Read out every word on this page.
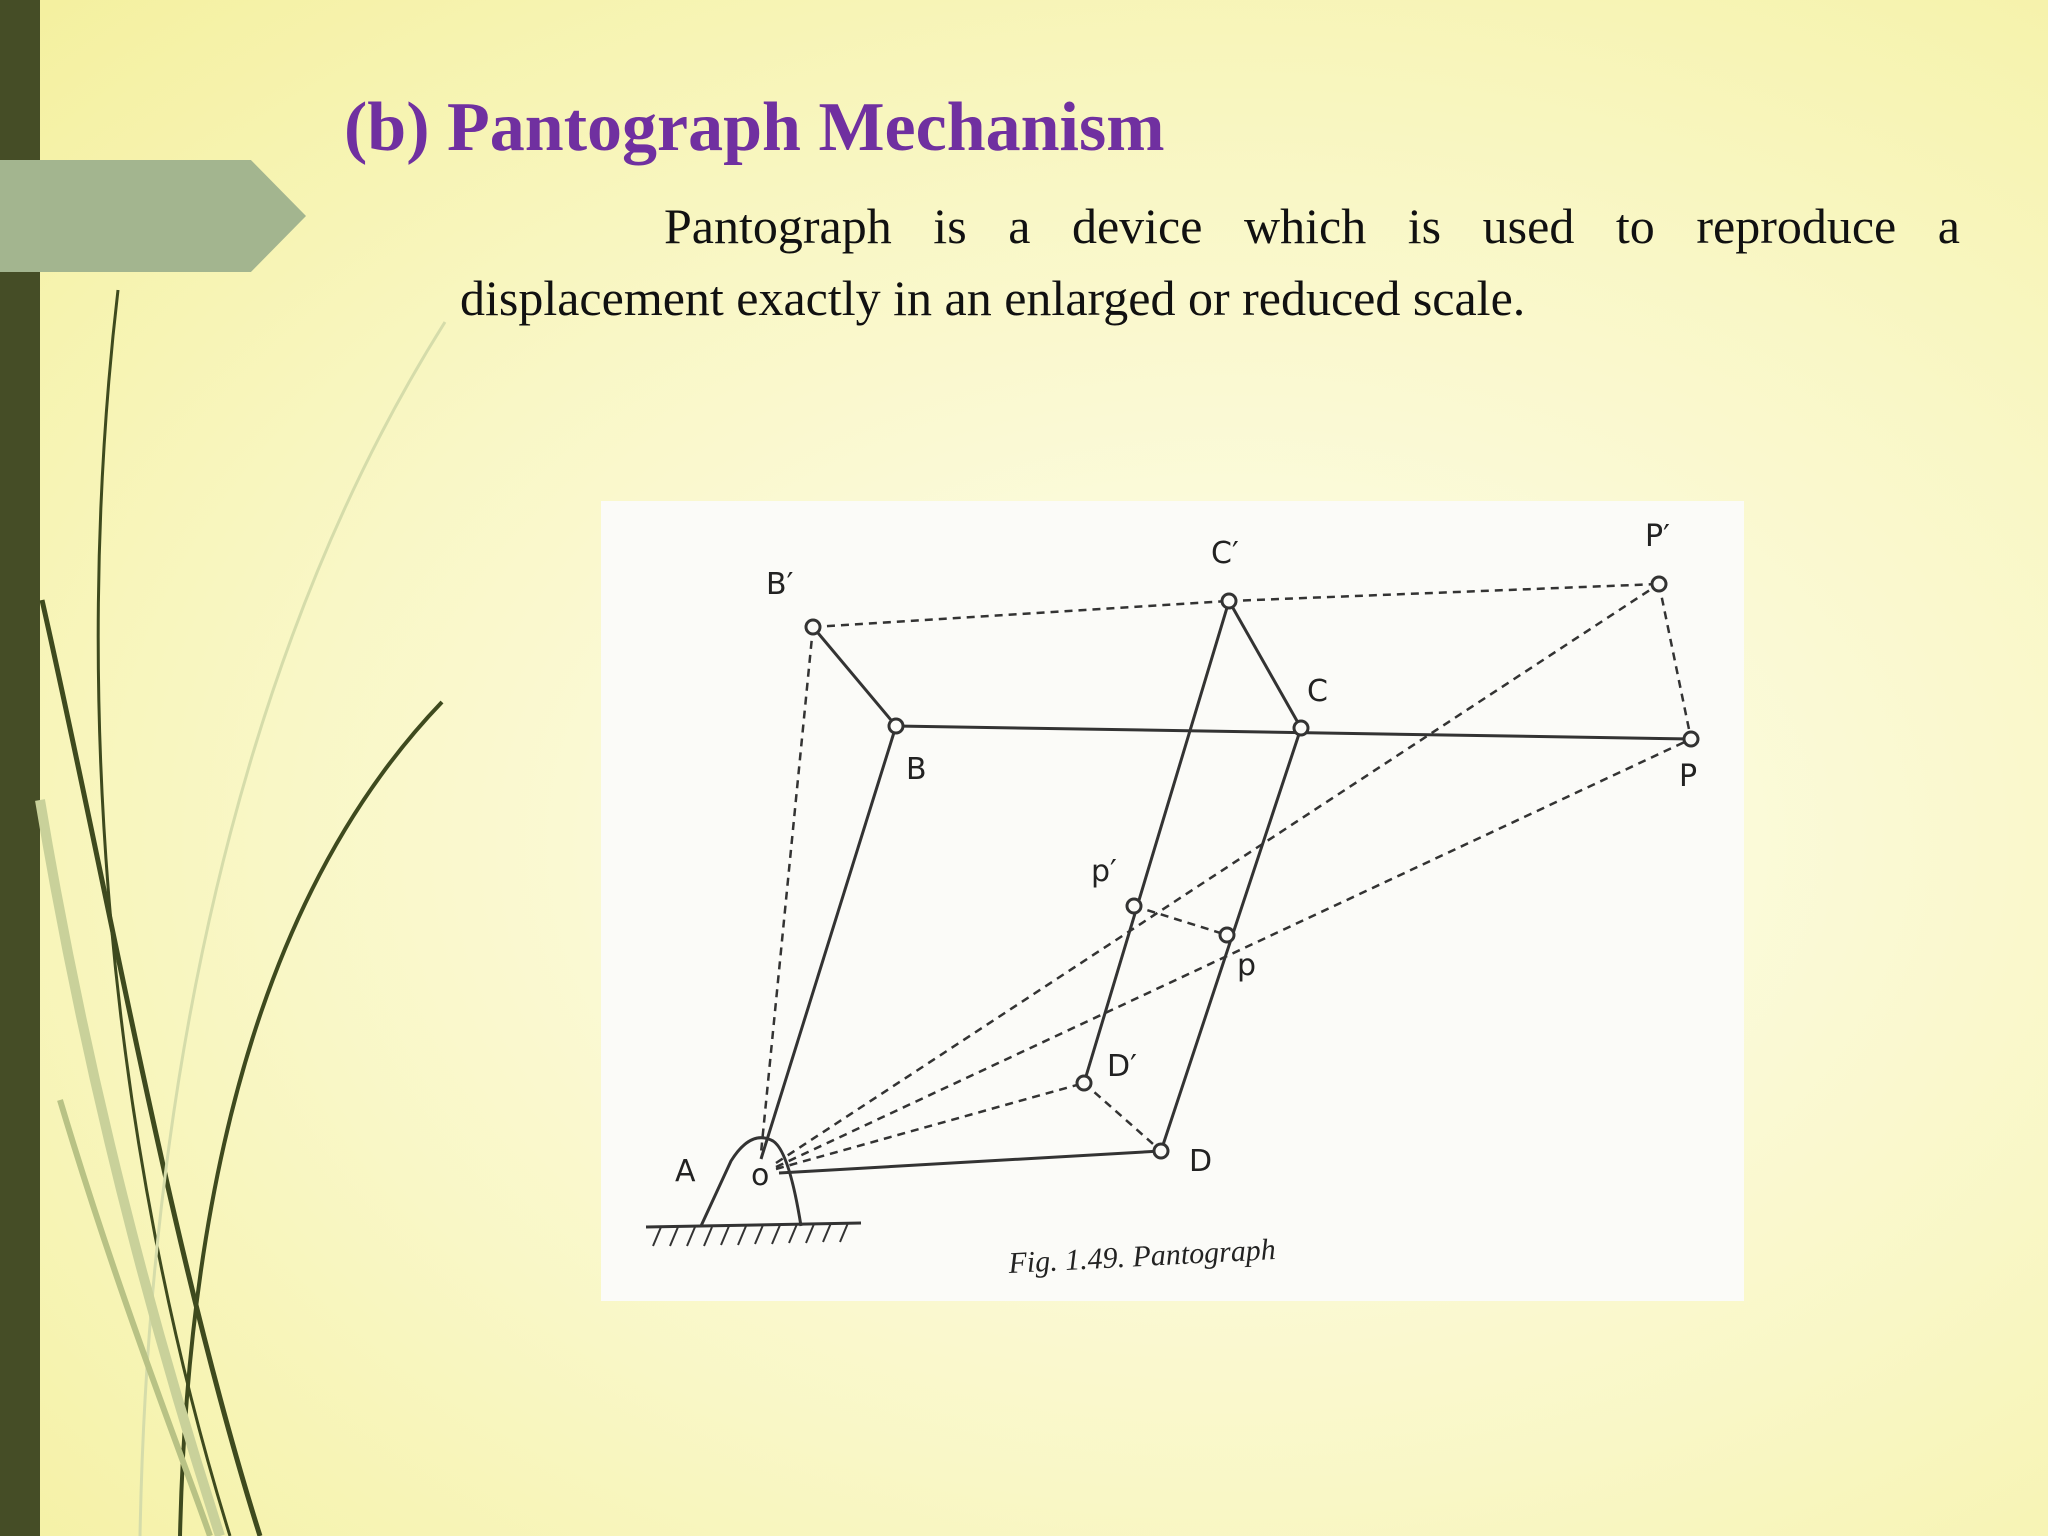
(b) Pantograph Mechanism

Pantograph is a device which is used to reproduce a displacement exactly in an enlarged or reduced scale.

o
A
B
B′
C
C′
D
D′
P
P′
p
p′
Fig. 1.49. Pantograph
